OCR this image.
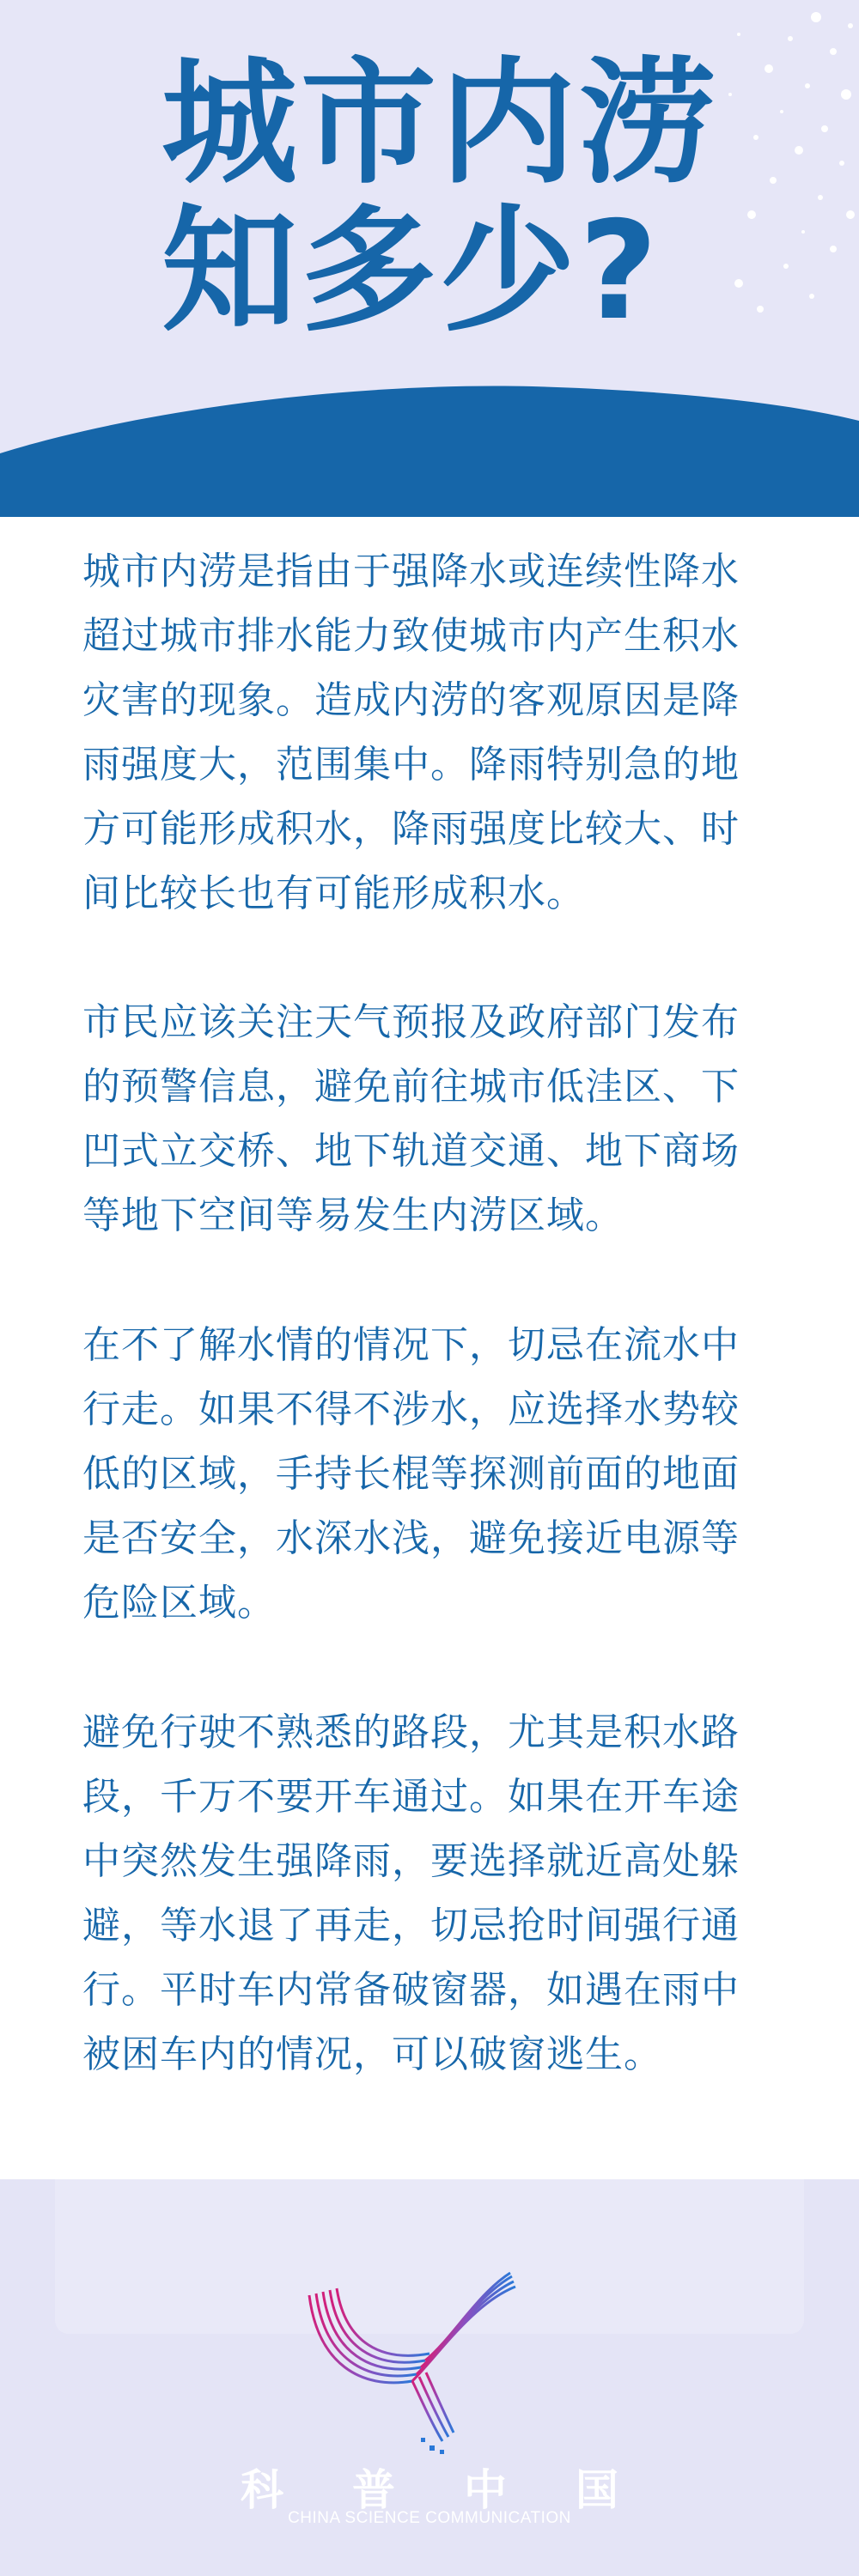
城市内涝
知多少?

城市内涝是指由于强降水或连续性降水
超过城市排水能力致使城市内产生积水
灾害的现象。造成内涝的客观原因是降
雨强度大，范围集中。降雨特别急的地
方可能形成积水，降雨强度比较大、时
间比较长也有可能形成积水。

市民应该关注天气预报及政府部门发布
的预警信息，避免前往城市低洼区、下
凹式立交桥、地下轨道交通、地下商场
等地下空间等易发生内涝区域。

在不了解水情的情况下，切忌在流水中
行走。如果不得不涉水，应选择水势较
低的区域，手持长棍等探测前面的地面
是否安全，水深水浅，避免接近电源等
危险区域。

避免行驶不熟悉的路段，尤其是积水路
段，千万不要开车通过。如果在开车途
中突然发生强降雨，要选择就近高处躲
避，等水退了再走，切忌抢时间强行通
行。平时车内常备破窗器，如遇在雨中
被困车内的情况，可以破窗逃生。

科 普 中 国
CHINA SCIENCE COMMUNICATION
